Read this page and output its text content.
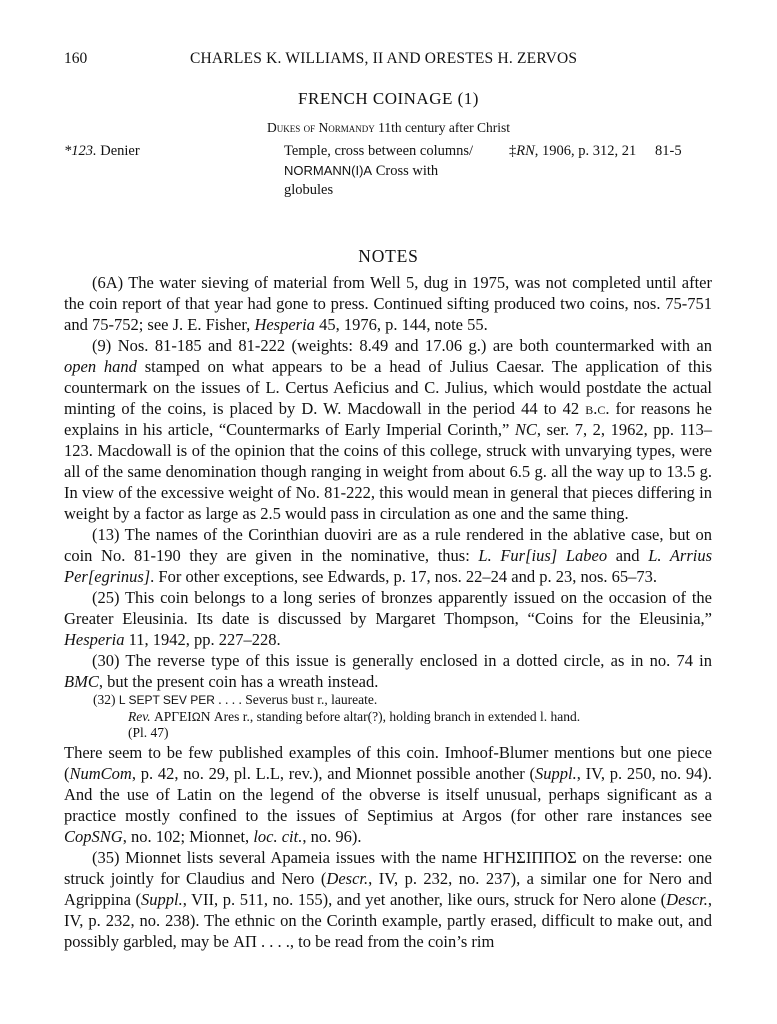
160	CHARLES K. WILLIAMS, II AND ORESTES H. ZERVOS
FRENCH COINAGE (1)
Dukes of Normandy 11th century after Christ
*123. Denier	Temple, cross between columns/
NORMANN(I)A Cross with
globules
‡RN, 1906, p. 312, 21 81-5
NOTES

(6A) The water sieving of material from Well 5, dug in 1975, was not completed until after the coin report of that year had gone to press. Continued sifting produced two coins, nos. 75-751 and 75-752; see J. E. Fisher, Hesperia 45, 1976, p. 144, note 55.

(9) Nos. 81-185 and 81-222 (weights: 8.49 and 17.06 g.) are both countermarked with an open hand stamped on what appears to be a head of Julius Caesar. The application of this countermark on the issues of L. Certus Aeficius and C. Julius, which would postdate the actual minting of the coins, is placed by D. W. Macdowall in the period 44 to 42 b.c. for reasons he explains in his article, “Countermarks of Early Imperial Corinth,” NC, ser. 7, 2, 1962, pp. 113–123. Macdowall is of the opinion that the coins of this college, struck with unvarying types, were all of the same denomination though ranging in weight from about 6.5 g. all the way up to 13.5 g. In view of the excessive weight of No. 81-222, this would mean in general that pieces differing in weight by a factor as large as 2.5 would pass in circulation as one and the same thing.

(13) The names of the Corinthian duoviri are as a rule rendered in the ablative case, but on coin No. 81-190 they are given in the nominative, thus: L. Fur[ius] Labeo and L. Arrius Per[egrinus]. For other exceptions, see Edwards, p. 17, nos. 22–24 and p. 23, nos. 65–73.

(25) This coin belongs to a long series of bronzes apparently issued on the occasion of the Greater Eleusinia. Its date is discussed by Margaret Thompson, “Coins for the Eleusinia,” Hesperia 11, 1942, pp. 227–228.

(30) The reverse type of this issue is generally enclosed in a dotted circle, as in no. 74 in BMC, but the present coin has a wreath instead.

(32) L SEPT SEV PER . . . . Severus bust r., laureate.
Rev. ΑΡΓΕΙΩΝ Ares r., standing before altar(?), holding branch in extended l. hand.
(Pl. 47)

There seem to be few published examples of this coin. Imhoof-Blumer mentions but one piece (NumCom, p. 42, no. 29, pl. L.L, rev.), and Mionnet possible another (Suppl., IV, p. 250, no. 94). And the use of Latin on the legend of the obverse is itself unusual, perhaps significant as a practice mostly confined to the issues of Septimius at Argos (for other rare instances see CopSNG, no. 102; Mionnet, loc. cit., no. 96).

(35) Mionnet lists several Apameia issues with the name ΗΓΗΣΙΠΠΟΣ on the reverse: one struck jointly for Claudius and Nero (Descr., IV, p. 232, no. 237), a similar one for Nero and Agrippina (Suppl., VII, p. 511, no. 155), and yet another, like ours, struck for Nero alone (Descr., IV, p. 232, no. 238). The ethnic on the Corinth example, partly erased, difficult to make out, and possibly garbled, may be ΑΠ . . . ., to be read from the coin’s rim
